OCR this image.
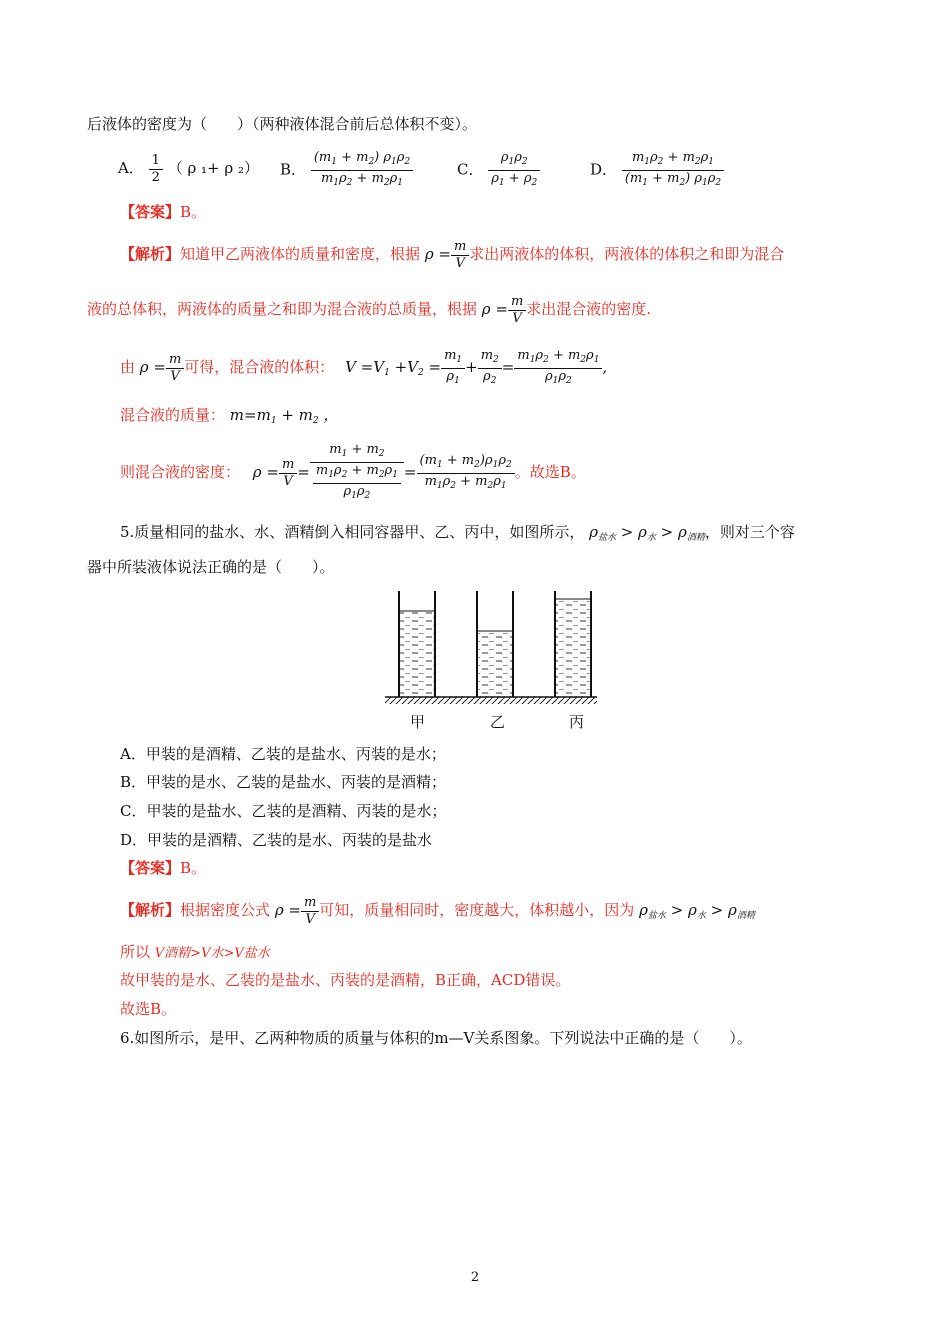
后液体的密度为（　　）（两种液体混合前后总体积不变）。
A． $\frac{1}{2}$ （ ρ ₁+ ρ ₂） B． $\frac{(m_1 + m_2) \rho_1\rho_2}{m_1\rho_2 + m_2\rho_1}$	C． $\frac{\rho_1\rho_2}{\rho_1 + \rho_2}$	D． $\frac{m_1\rho_2 + m_2\rho_1}{(m_1 + m_2) \rho_1\rho_2}$
【答案】B。
【解析】知道甲乙两液体的质量和密度，根据 $\rho = \frac{m}{V}$ 求出两液体的体积，两液体的体积之和即为混合
液的总体积，两液体的质量之和即为混合液的总质量，根据 $\rho = \frac{m}{V}$ 求出混合液的密度.
由 $\rho = \frac{m}{V}$ 可得，混合液的体积： $V =V_1 +V_2 = \frac{m_1}{\rho_1} + \frac{m_2}{\rho_2} = \frac{m_1\rho_2 + m_2\rho_1}{\rho_1\rho_2}$ ,
混合液的质量： $m=m_1 + m_2$ ，
则混合液的密度： $\rho = \frac{m}{V} = \frac{m_1 + m_2}{\frac{m_1\rho_2 + m_2\rho_1}{\rho_1\rho_2}} = \frac{(m_1 + m_2)\rho_1\rho_2}{m_1\rho_2 + m_2\rho_1}$ 。故选B。
5.质量相同的盐水、水、酒精倒入相同容器甲、乙、丙中，如图所示， $\rho_{盐水} > \rho_水 > \rho_{酒精}$，则对三个容
器中所装液体说法正确的是（　　）。
甲	乙	丙
A．甲装的是酒精、乙装的是盐水、丙装的是水；
B．甲装的是水、乙装的是盐水、丙装的是酒精；
C．甲装的是盐水、乙装的是酒精、丙装的是水；
D．甲装的是酒精、乙装的是水、丙装的是盐水
【答案】B。
【解析】根据密度公式 $\rho = \frac{m}{V}$ 可知，质量相同时，密度越大，体积越小，因为 $\rho_{盐水} > \rho_水 > \rho_{酒精}$
所以 V酒精>V水>V盐水
故甲装的是水、乙装的是盐水、丙装的是酒精，B正确，ACD错误。
故选B。
6.如图所示，是甲、乙两种物质的质量与体积的m—V关系图象。下列说法中正确的是（　　）。
2
